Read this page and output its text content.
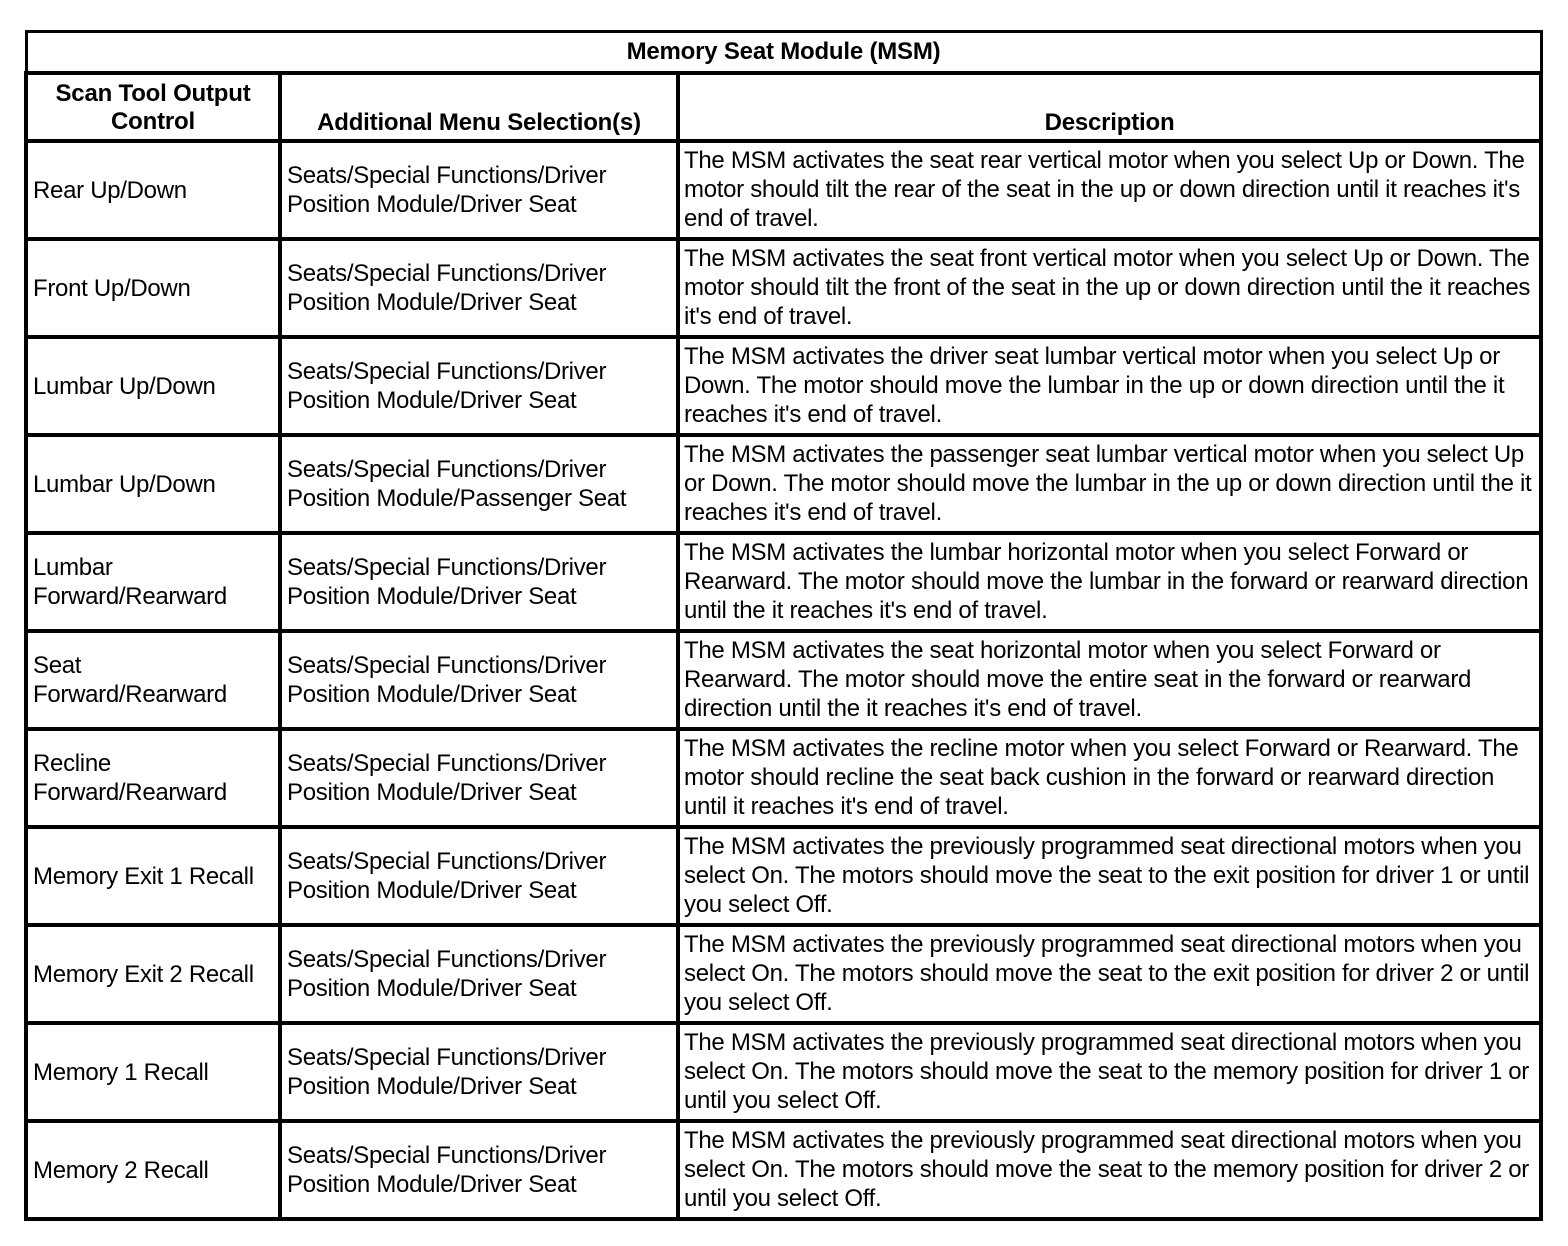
Memory Seat Module (MSM)		
Scan Tool Output Control	Additional Menu Selection(s)	Description
Rear Up/Down	Seats/Special Functions/Driver Position Module/Driver Seat	The MSM activates the seat rear vertical motor when you select Up or Down. The motor should tilt the rear of the seat in the up or down direction until it reaches it's end of travel.
Front Up/Down	Seats/Special Functions/Driver Position Module/Driver Seat	The MSM activates the seat front vertical motor when you select Up or Down. The motor should tilt the front of the seat in the up or down direction until the it reaches it's end of travel.
Lumbar Up/Down	Seats/Special Functions/Driver Position Module/Driver Seat	The MSM activates the driver seat lumbar vertical motor when you select Up or Down. The motor should move the lumbar in the up or down direction until the it reaches it's end of travel.
Lumbar Up/Down	Seats/Special Functions/Driver Position Module/Passenger Seat	The MSM activates the passenger seat lumbar vertical motor when you select Up or Down. The motor should move the lumbar in the up or down direction until the it reaches it's end of travel.
Lumbar Forward/Rearward	Seats/Special Functions/Driver Position Module/Driver Seat	The MSM activates the lumbar horizontal motor when you select Forward or Rearward. The motor should move the lumbar in the forward or rearward direction until the it reaches it's end of travel.
Seat Forward/Rearward	Seats/Special Functions/Driver Position Module/Driver Seat	The MSM activates the seat horizontal motor when you select Forward or Rearward. The motor should move the entire seat in the forward or rearward direction until the it reaches it's end of travel.
Recline Forward/Rearward	Seats/Special Functions/Driver Position Module/Driver Seat	The MSM activates the recline motor when you select Forward or Rearward. The motor should recline the seat back cushion in the forward or rearward direction until it reaches it's end of travel.
Memory Exit 1 Recall	Seats/Special Functions/Driver Position Module/Driver Seat	The MSM activates the previously programmed seat directional motors when you select On. The motors should move the seat to the exit position for driver 1 or until you select Off.
Memory Exit 2 Recall	Seats/Special Functions/Driver Position Module/Driver Seat	The MSM activates the previously programmed seat directional motors when you select On. The motors should move the seat to the exit position for driver 2 or until you select Off.
Memory 1 Recall	Seats/Special Functions/Driver Position Module/Driver Seat	The MSM activates the previously programmed seat directional motors when you select On. The motors should move the seat to the memory position for driver 1 or until you select Off.
Memory 2 Recall	Seats/Special Functions/Driver Position Module/Driver Seat	The MSM activates the previously programmed seat directional motors when you select On. The motors should move the seat to the memory position for driver 2 or until you select Off.
